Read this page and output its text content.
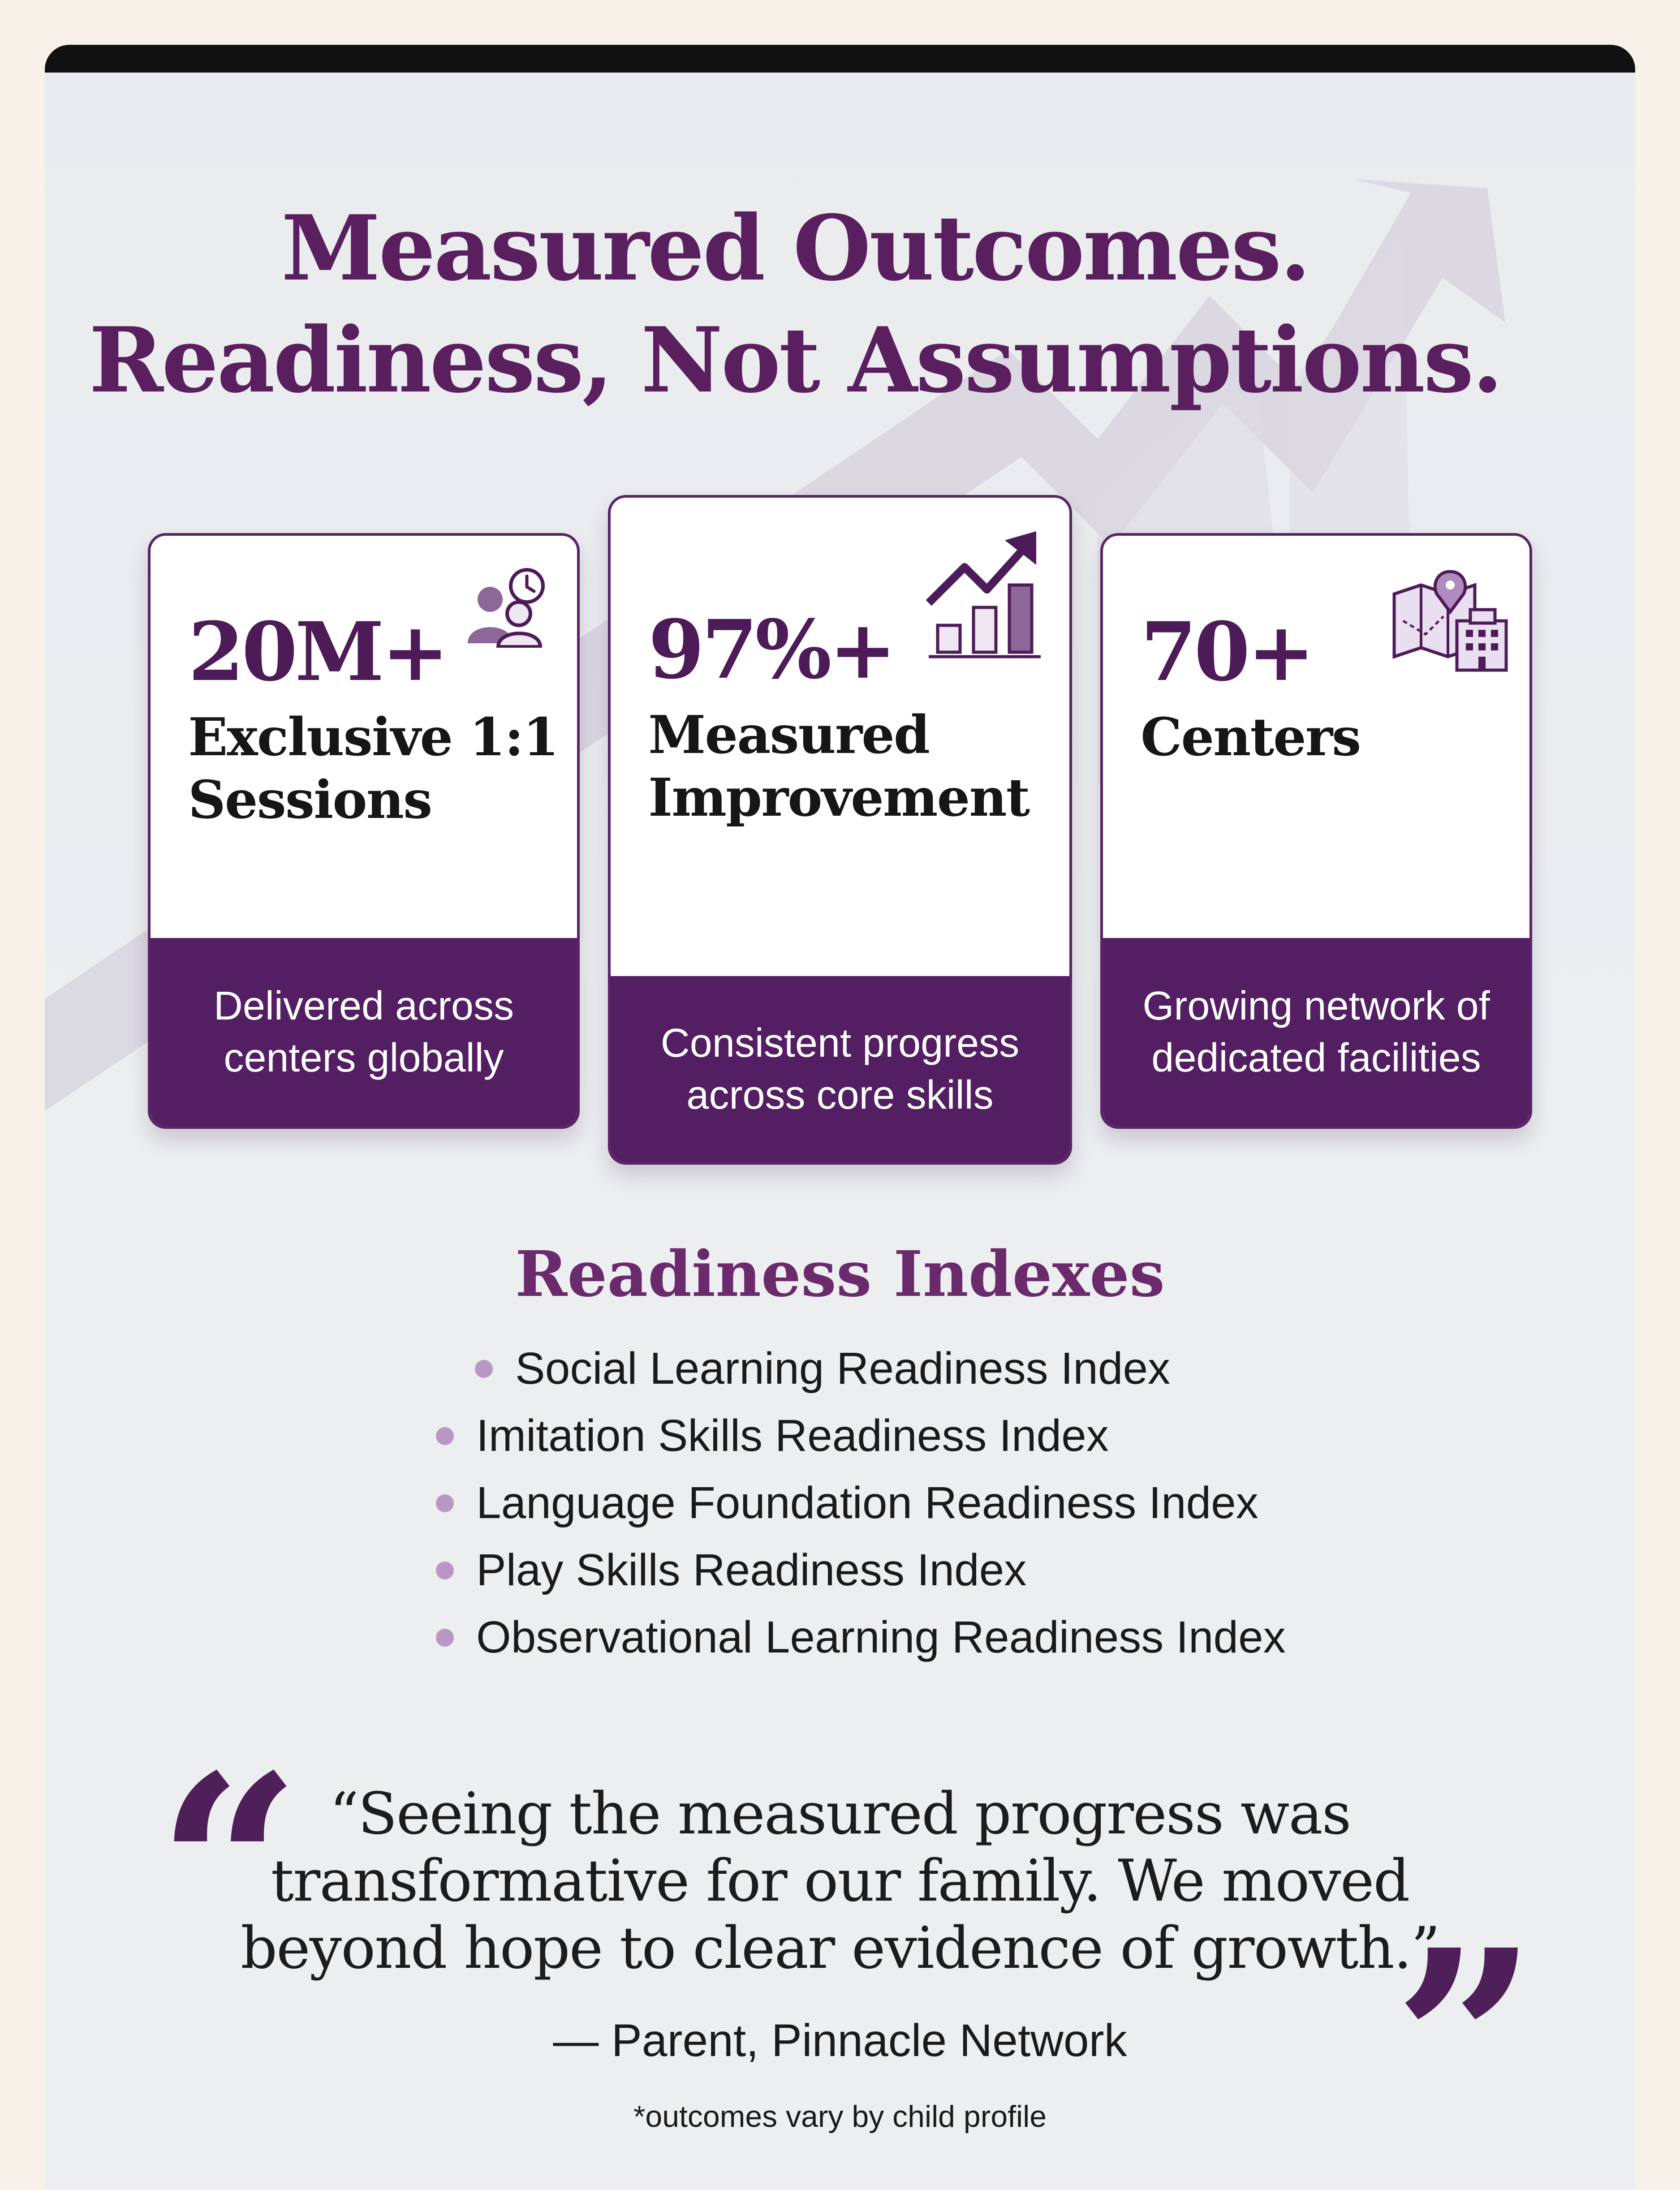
Measured Outcomes.
Readiness, Not Assumptions.
20M+
Exclusive 1:1
Sessions
Delivered across
centers globally
97%+
Measured
Improvement
Consistent progress
across core skills
70+
Centers
Growing network of
dedicated facilities
Readiness Indexes
Social Learning Readiness Index
Imitation Skills Readiness Index
Language Foundation Readiness Index
Play Skills Readiness Index
Observational Learning Readiness Index
“
”
“Seeing the measured progress was
transformative for our family. We moved
beyond hope to clear evidence of growth.”
— Parent, Pinnacle Network
*outcomes vary by child profile
